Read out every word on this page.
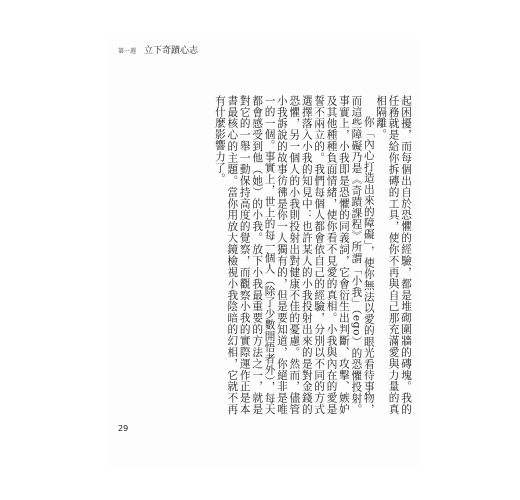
第一週 立下奇蹟心志

起困擾，而每個出自於恐懼的經驗，都是堆砌圍牆的磚塊。我的任務就是給你拆磚的工具，使你不再與自己那充滿愛與力量的真相隔離。

你「內心打造出來的障礙」，使你無法以愛的眼光看待事物，而這些障礙乃是《奇蹟課程》所謂「小我」（ego）的恐懼投射。事實上，小我即是恐懼的同義詞，它會衍生出判斷、攻擊、嫉妒及其他種種負面情緒，使你看不見愛的真相。小我與內在的愛是誓不兩立的。我們每個人都會依自己的經驗，分別以不同的方式選擇落入小我的知見中：也許某人的小我投射出來的是對金錢的恐懼，另一個人的小我則投射出對健康不佳的憂慮。然而，儘管小我訴說的故事彷彿是你一人獨有的，但是要知道，你絕非是唯一的一個。事實上，世上的每一個人（除了少數開悟者外），每天都會感受到他（她）的小我。放下小我最重要的方法之一，就是對它的一舉一動保持高度的覺察，而觀察小我的實際運作正是本書最核心的主題。當你用放大鏡檢視小我陰暗的幻相，它就不再有什麼影響力了。

29
